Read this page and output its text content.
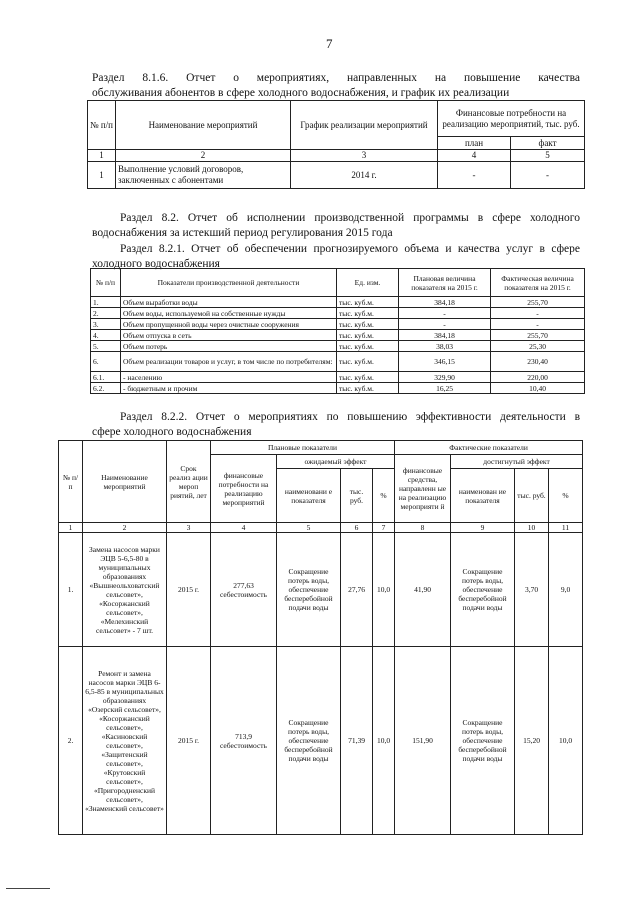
7
Раздел 8.1.6. Отчет о мероприятиях, направленных на повышение качества
обслуживания абонентов в сфере холодного водоснабжения, и график их реализации
№ п/п	Наименование мероприятий	График реализации мероприятий	Финансовые потребности на реализацию мероприятий, тыс. руб.	
			план	факт
1	2	3	4	5
1	Выполнение условий договоров, заключенных с абонентами	2014 г.	-	-
Раздел 8.2. Отчет об исполнении производственной программы в сфере холодного
водоснабжения за истекший период регулирования 2015 года
Раздел 8.2.1. Отчет об обеспечении прогнозируемого объема и качества услуг в сфере
холодного водоснабжения
№ п/п	Показатели производственной деятельности	Ед. изм.	Плановая величина показателя на 2015 г.	Фактическая величина показателя на 2015 г.
1.	Объем выработки воды	тыс. куб.м.	384,18	255,70
2.	Объем воды, используемой на собственные нужды	тыс. куб.м.	-	-
3.	Объем пропущенной воды через очистные сооружения	тыс. куб.м.	-	-
4.	Объем отпуска в сеть	тыс. куб.м.	384,18	255,70
5.	Объем потерь	тыс. куб.м.	38,03	25,30
6.	Объем реализации товаров и услуг, в том числе по потребителям:	тыс. куб.м.	346,15	230,40
6.1.	- населению	тыс. куб.м.	329,90	220,00
6.2.	- бюджетным и прочим	тыс. куб.м.	16,25	10,40
Раздел 8.2.2. Отчет о мероприятиях по повышению эффективности деятельности в
сфере холодного водоснабжения
№ п/ п	Наименование мероприятий	Срок реализ ации мероп риятий, лет	Плановые показатели				Фактические показатели			
			финансовые потребности на реализацию мероприятий	ожидаемый эффект			финансовые средства, направленн ые на реализацию мероприяти й	достигнутый эффект		
				наименовани е показателя	тыс. руб.	%		наименован ие показателя	тыс. руб.	%

1	2	3	4	5	6	7	8	9	10	11
1.	Замена насосов марки ЭЦВ 5-6,5-80 в муниципальных образованиях «Вышнеольховатский сельсовет», «Косоржанский сельсовет», «Мелехинский сельсовет» - 7 шт.	2015 г.	277,63 себестоимость	Сокращение потерь воды, обеспечение бесперебойной подачи воды	27,76	10,0	41,90	Сокращение потерь воды, обеспечение бесперебойной подачи воды	3,70	9,0
2.	Ремонт и замена насосов марки ЭЦВ 6-6,5-85 в муниципальных образованиях «Озерский сельсовет», «Косоржанский сельсовет», «Касиновский сельсовет», «Защитенский сельсовет», «Крутовский сельсовет», «Пригородненский сельсовет», «Знаменский сельсовет»	2015 г.	713,9 себестоимость	Сокращение потерь воды, обеспечение бесперебойной подачи воды	71,39	10,0	151,90	Сокращение потерь воды, обеспечение бесперебойной подачи воды	15,20	10,0
